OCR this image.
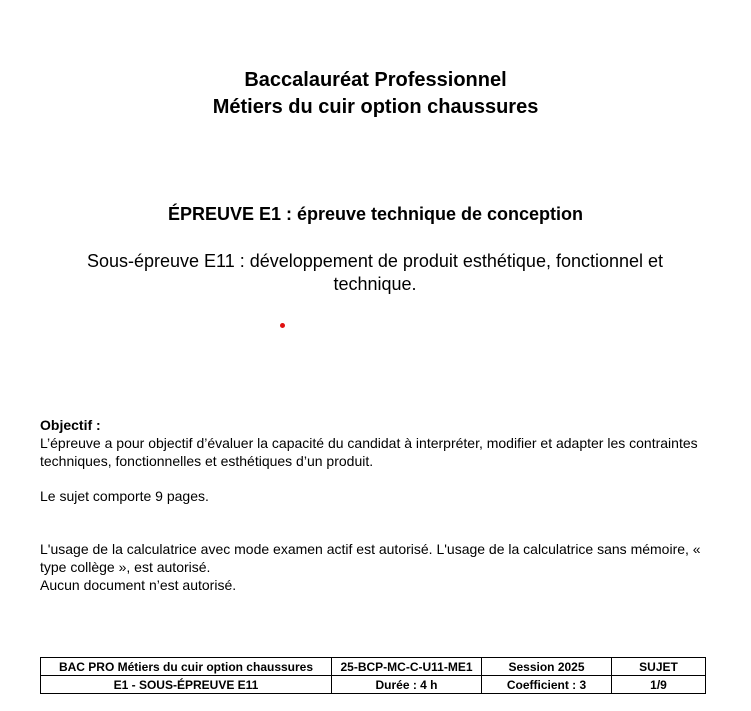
Baccalauréat Professionnel
Métiers du cuir option chaussures
ÉPREUVE E1 : épreuve technique de conception
Sous-épreuve E11 : développement de produit esthétique, fonctionnel et technique.
Objectif :
L’épreuve a pour objectif d’évaluer la capacité du candidat à interpréter, modifier et adapter les contraintes techniques, fonctionnelles et esthétiques d’un produit.
Le sujet comporte 9 pages.
L'usage de la calculatrice avec mode examen actif est autorisé. L'usage de la calculatrice sans mémoire, « type collège », est autorisé.
Aucun document n’est autorisé.
BAC PRO Métiers du cuir option chaussures	25-BCP-MC-C-U11-ME1	Session 2025	SUJET
E1 - SOUS-ÉPREUVE E11	Durée : 4 h	Coefficient : 3	1/9
